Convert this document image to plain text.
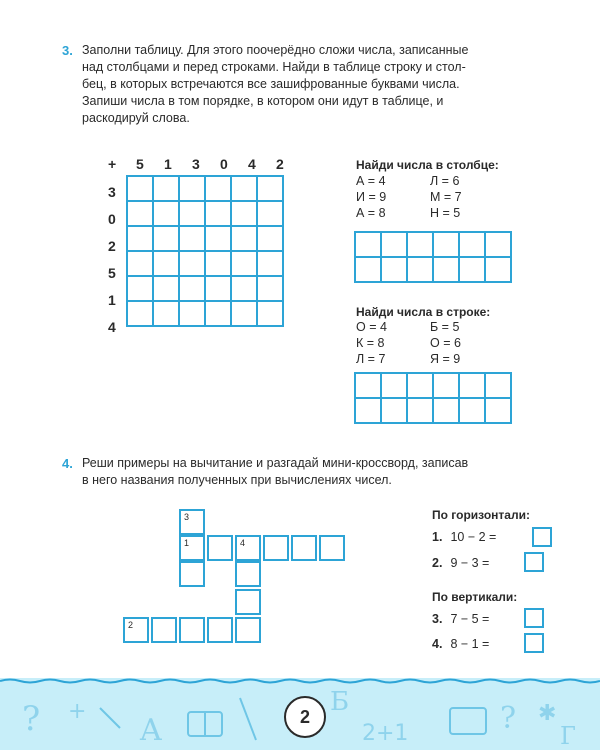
3. Заполни таблицу. Для этого поочерёдно сложи числа, записанные
над столбцами и перед строками. Найди в таблице строку и стол-
бец, в которых встречаются все зашифрованные буквами числа.
Запиши числа в том порядке, в котором они идут в таблице, и
раскодируй слова.
+ 5 1 3 0 4 2
3
0
2
5
1
4

Найди числа в столбце:
А = 4	Л = 6
И = 9	М = 7
А = 8	Н = 5

Найди числа в строке:
О = 4	Б = 5
К = 8	О = 6
Л = 7	Я = 9

4. Реши примеры на вычитание и разгадай мини-кроссворд, записав
в него названия полученных при вычислениях чисел.
3
1	4
2
По горизонтали:
1. 10 − 2 =
2. 9 − 3 =
По вертикали:
3. 7 − 5 =
4. 8 − 1 =
? +
A
Б
2+1	? ✱
Г
2
